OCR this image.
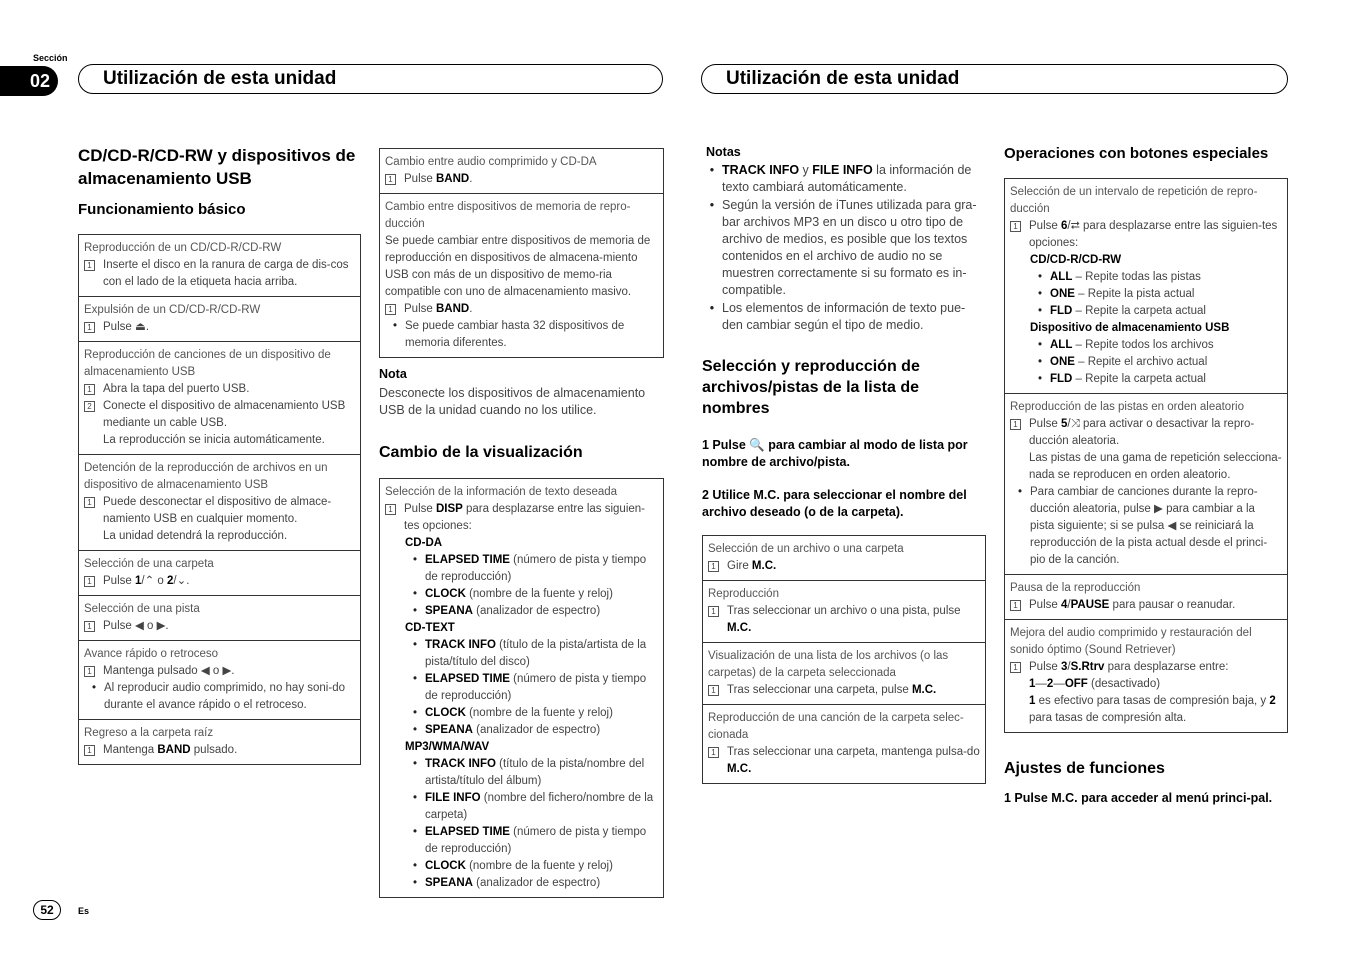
Sección
02	Utilización de esta unidad	Utilización de esta unidad
CD/CD-R/CD-RW y dispositivos de almacenamiento USB
Funcionamiento básico
Reproducción de un CD/CD-R/CD-RW
1 Inserte el disco en la ranura de carga de dis-cos con el lado de la etiqueta hacia arriba.
Expulsión de un CD/CD-R/CD-RW
1 Pulse ⏏.
Reproducción de canciones de un dispositivo de almacenamiento USB
1 Abra la tapa del puerto USB.
2 Conecte el dispositivo de almacenamiento USB mediante un cable USB.
La reproducción se inicia automáticamente.
Detención de la reproducción de archivos en un dispositivo de almacenamiento USB
1 Puede desconectar el dispositivo de almace-namiento USB en cualquier momento.
La unidad detendrá la reproducción.
Selección de una carpeta
1 Pulse 1/⌃ o 2/⌄.
Selección de una pista
1 Pulse ◀ o ▶.
Avance rápido o retroceso
1 Mantenga pulsado ◀ o ▶.
• Al reproducir audio comprimido, no hay soni-do durante el avance rápido o el retroceso.
Regreso a la carpeta raíz
1 Mantenga BAND pulsado.
Cambio entre audio comprimido y CD-DA
1 Pulse BAND.
Cambio entre dispositivos de memoria de repro-ducción
Se puede cambiar entre dispositivos de memoria de reproducción en dispositivos de almacena-miento USB con más de un dispositivo de memo-ria compatible con uno de almacenamiento masivo.
1 Pulse BAND.
• Se puede cambiar hasta 32 dispositivos de memoria diferentes.
Nota
Desconecte los dispositivos de almacenamiento USB de la unidad cuando no los utilice.
Cambio de la visualización
Selección de la información de texto deseada
1 Pulse DISP para desplazarse entre las siguien-tes opciones:
CD-DA
• ELAPSED TIME (número de pista y tiempo de reproducción)
• CLOCK (nombre de la fuente y reloj)
• SPEANA (analizador de espectro)
CD-TEXT
• TRACK INFO (título de la pista/artista de la pista/título del disco)
• ELAPSED TIME (número de pista y tiempo de reproducción)
• CLOCK (nombre de la fuente y reloj)
• SPEANA (analizador de espectro)
MP3/WMA/WAV
• TRACK INFO (título de la pista/nombre del artista/título del álbum)
• FILE INFO (nombre del fichero/nombre de la carpeta)
• ELAPSED TIME (número de pista y tiempo de reproducción)
• CLOCK (nombre de la fuente y reloj)
• SPEANA (analizador de espectro)
Notas
• TRACK INFO y FILE INFO la información de texto cambiará automáticamente.
• Según la versión de iTunes utilizada para gra-bar archivos MP3 en un disco u otro tipo de archivo de medios, es posible que los textos contenidos en el archivo de audio no se muestren correctamente si su formato es in-compatible.
• Los elementos de información de texto pue-den cambiar según el tipo de medio.
Selección y reproducción de archivos/pistas de la lista de nombres
1 Pulse 🔍 para cambiar al modo de lista por nombre de archivo/pista.
2 Utilice M.C. para seleccionar el nombre del archivo deseado (o de la carpeta).
Selección de un archivo o una carpeta
1 Gire M.C.
Reproducción
1 Tras seleccionar un archivo o una pista, pulse M.C.
Visualización de una lista de los archivos (o las carpetas) de la carpeta seleccionada
1 Tras seleccionar una carpeta, pulse M.C.
Reproducción de una canción de la carpeta selec-cionada
1 Tras seleccionar una carpeta, mantenga pulsa-do M.C.
Operaciones con botones especiales
Selección de un intervalo de repetición de repro-ducción
1 Pulse 6/⮂ para desplazarse entre las siguien-tes opciones:
CD/CD-R/CD-RW
• ALL – Repite todas las pistas
• ONE – Repite la pista actual
• FLD – Repite la carpeta actual
Dispositivo de almacenamiento USB
• ALL – Repite todos los archivos
• ONE – Repite el archivo actual
• FLD – Repite la carpeta actual
Reproducción de las pistas en orden aleatorio
1 Pulse 5/⤨ para activar o desactivar la repro-ducción aleatoria.
Las pistas de una gama de repetición selecciona-nada se reproducen en orden aleatorio.
• Para cambiar de canciones durante la repro-ducción aleatoria, pulse ▶ para cambiar a la pista siguiente; si se pulsa ◀ se reiniciará la reproducción de la pista actual desde el princi-pio de la canción.
Pausa de la reproducción
1 Pulse 4/PAUSE para pausar o reanudar.
Mejora del audio comprimido y restauración del sonido óptimo (Sound Retriever)
1 Pulse 3/S.Rtrv para desplazarse entre:
1—2—OFF (desactivado)
1 es efectivo para tasas de compresión baja, y 2 para tasas de compresión alta.
Ajustes de funciones
1 Pulse M.C. para acceder al menú princi-pal.
52	Es
